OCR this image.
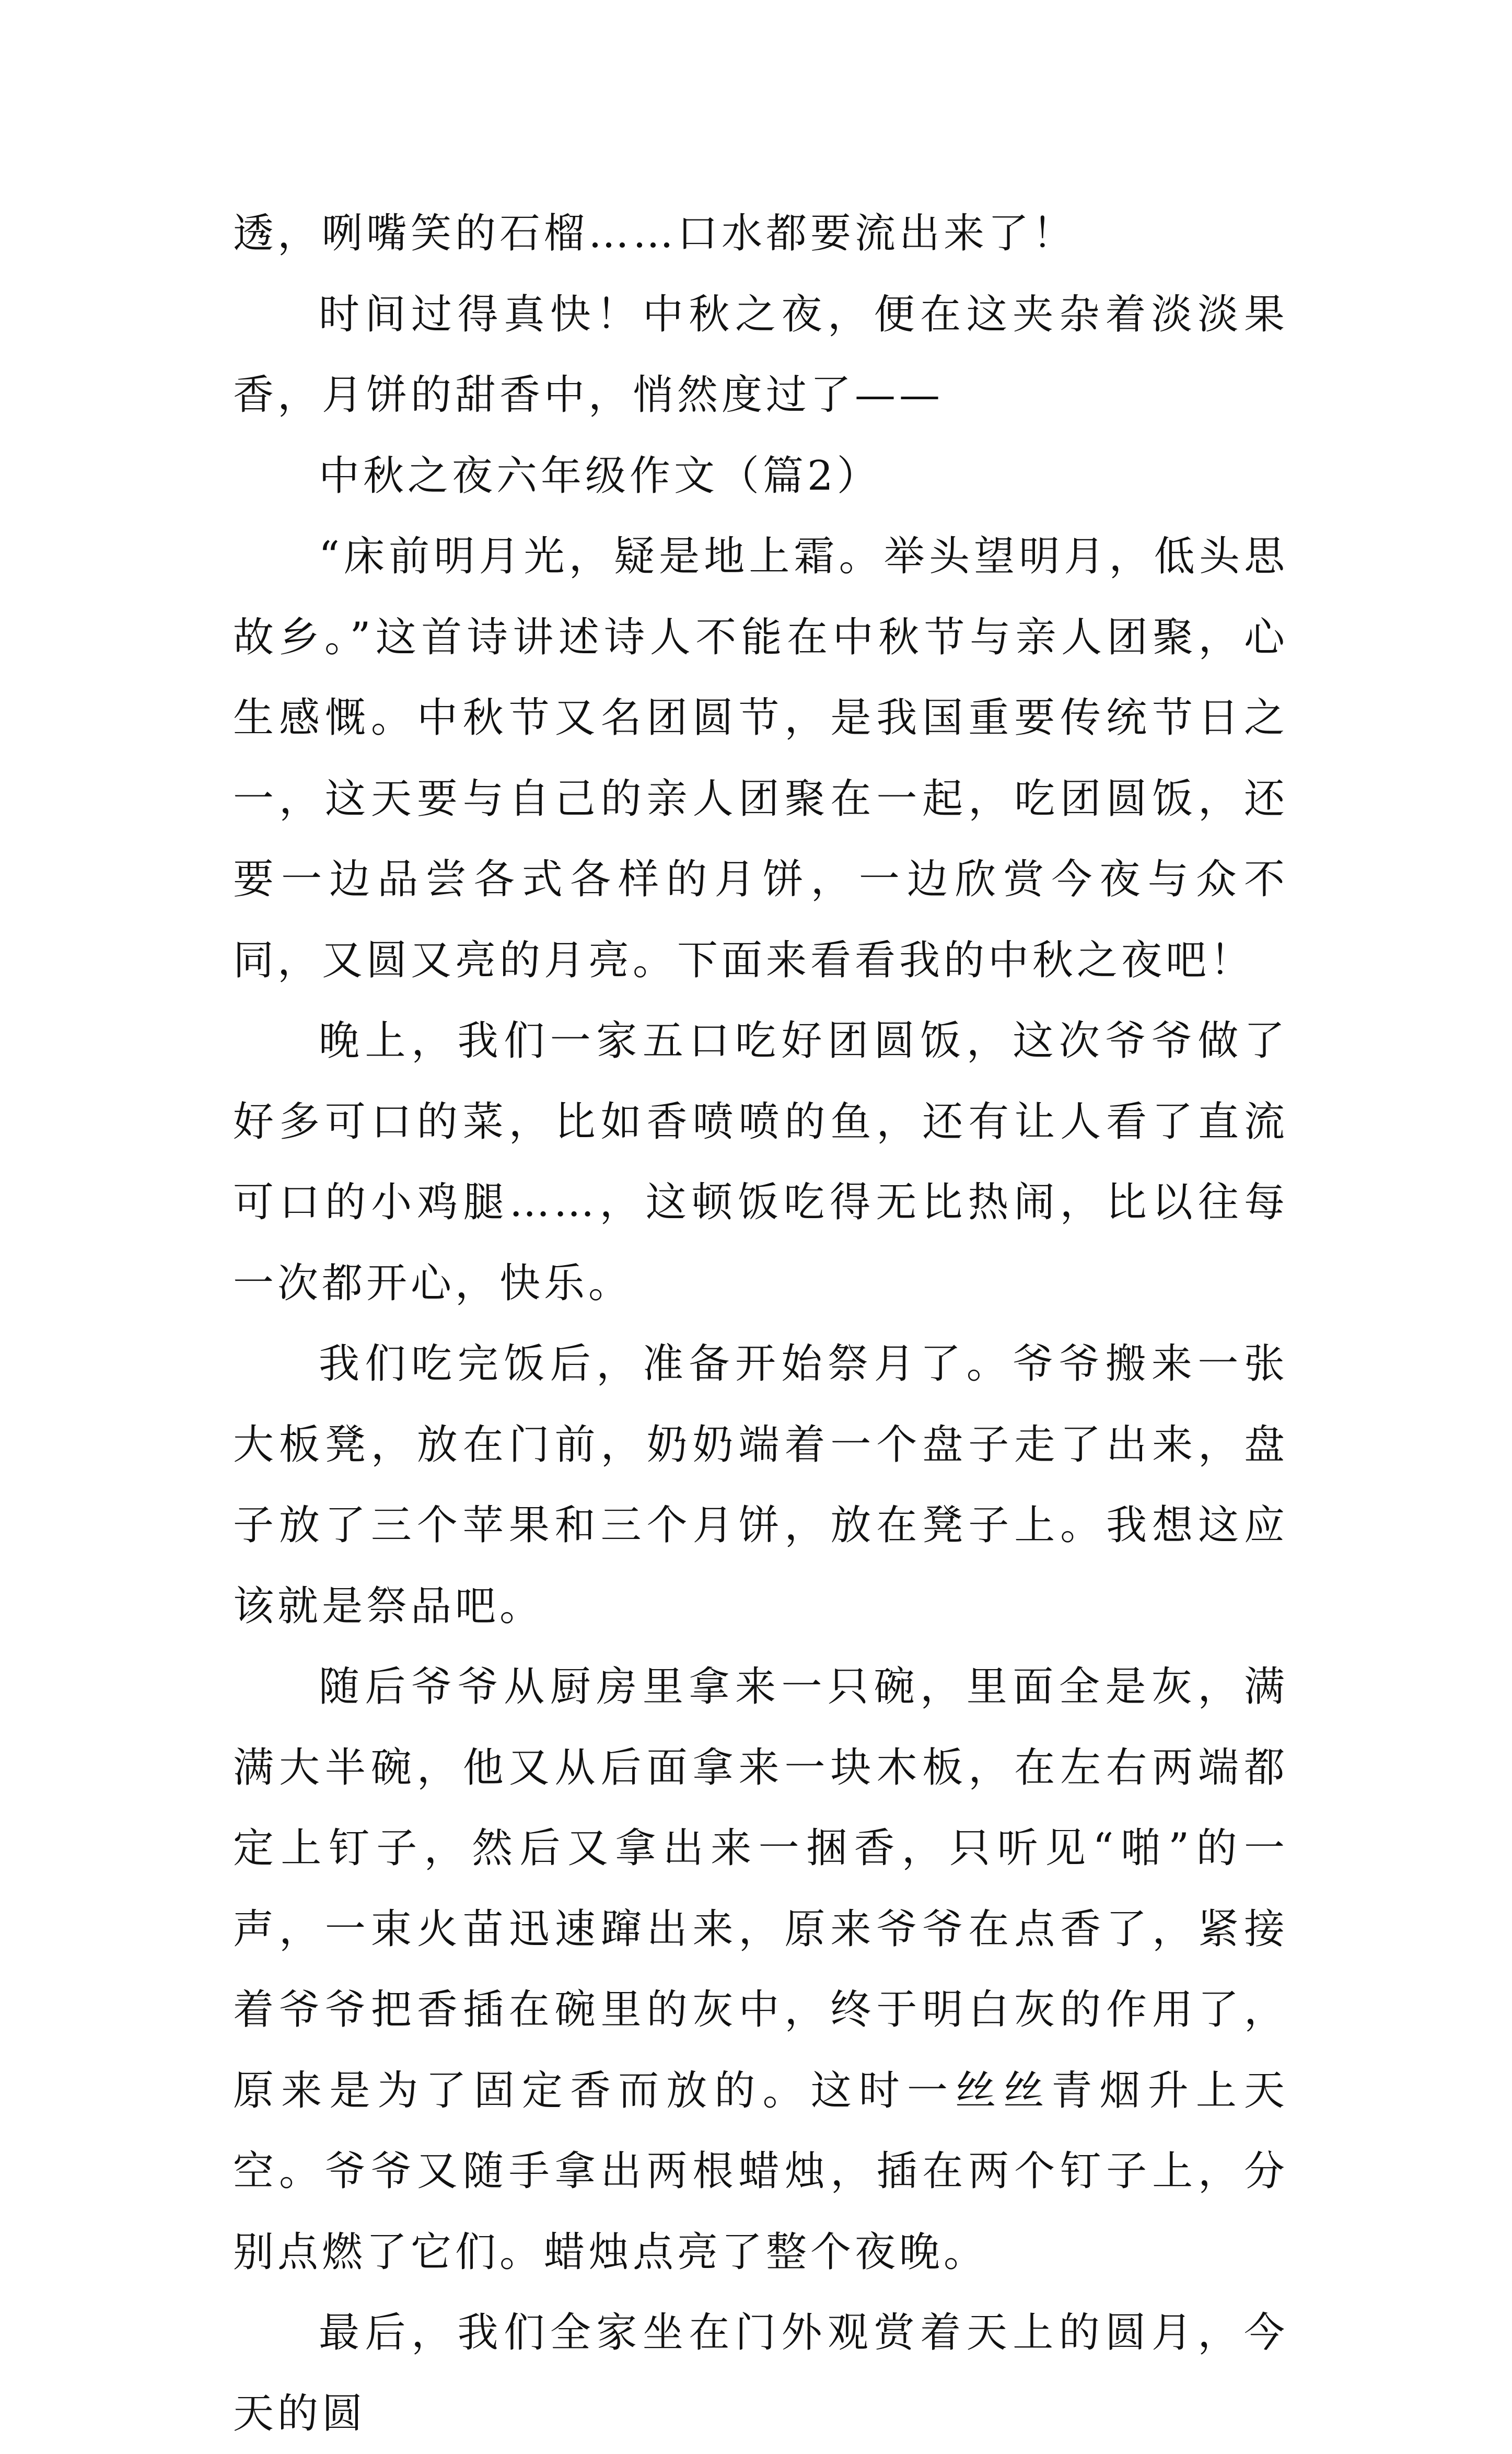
透，咧嘴笑的石榴……口水都要流出来了！

时间过得真快！中秋之夜，便在这夹杂着淡淡果香，月饼的甜香中，悄然度过了——

中秋之夜六年级作文（篇2）

“床前明月光，疑是地上霜。举头望明月，低头思故乡。”这首诗讲述诗人不能在中秋节与亲人团聚，心生感慨。中秋节又名团圆节，是我国重要传统节日之一，这天要与自己的亲人团聚在一起，吃团圆饭，还要一边品尝各式各样的月饼，一边欣赏今夜与众不同，又圆又亮的月亮。下面来看看我的中秋之夜吧！

晚上，我们一家五口吃好团圆饭，这次爷爷做了好多可口的菜，比如香喷喷的鱼，还有让人看了直流可口的小鸡腿……，这顿饭吃得无比热闹，比以往每一次都开心，快乐。

我们吃完饭后，准备开始祭月了。爷爷搬来一张大板凳，放在门前，奶奶端着一个盘子走了出来，盘子放了三个苹果和三个月饼，放在凳子上。我想这应该就是祭品吧。

随后爷爷从厨房里拿来一只碗，里面全是灰，满满大半碗，他又从后面拿来一块木板，在左右两端都定上钉子，然后又拿出来一捆香，只听见“啪”的一声，一束火苗迅速蹿出来，原来爷爷在点香了，紧接着爷爷把香插在碗里的灰中，终于明白灰的作用了，原来是为了固定香而放的。这时一丝丝青烟升上天空。爷爷又随手拿出两根蜡烛，插在两个钉子上，分别点燃了它们。蜡烛点亮了整个夜晚。

最后，我们全家坐在门外观赏着天上的圆月，今天的圆
